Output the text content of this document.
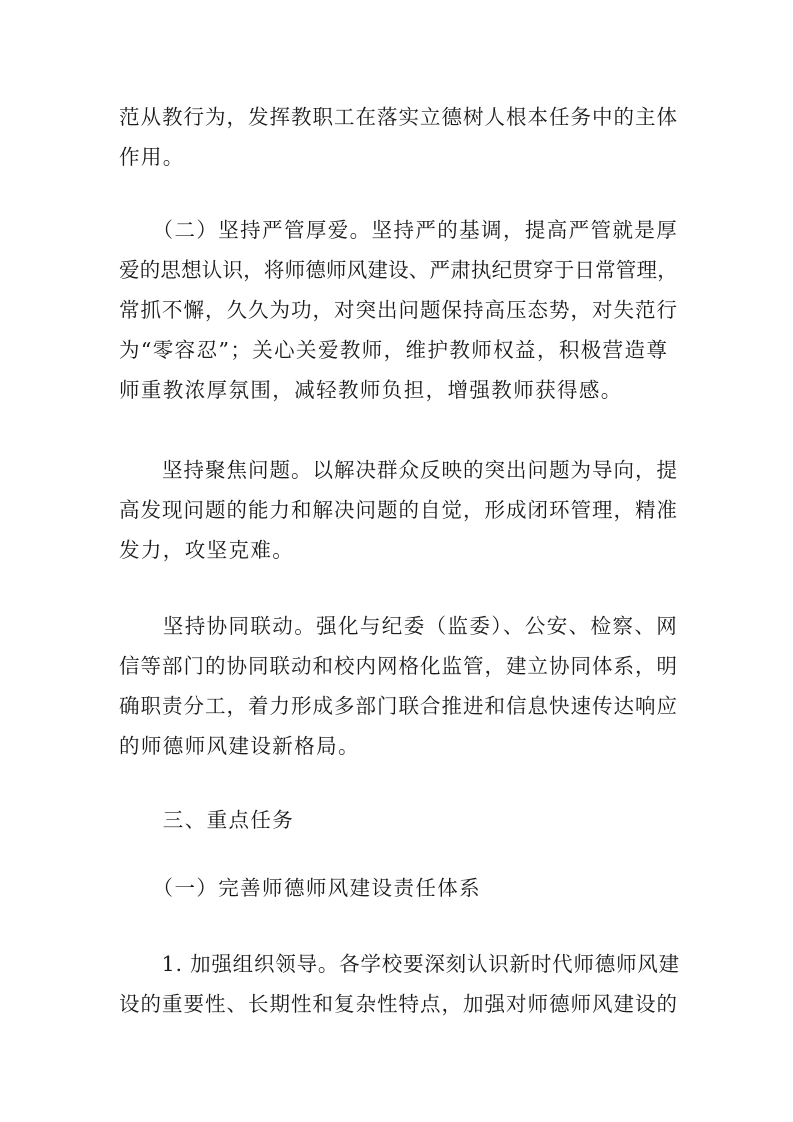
范从教行为，发挥教职工在落实立德树人根本任务中的主体
作用。
　　（二）坚持严管厚爱。坚持严的基调，提高严管就是厚
爱的思想认识，将师德师风建设、严肃执纪贯穿于日常管理，
常抓不懈，久久为功，对突出问题保持高压态势，对失范行
为“零容忍”；关心关爱教师，维护教师权益，积极营造尊
师重教浓厚氛围，减轻教师负担，增强教师获得感。
　　坚持聚焦问题。以解决群众反映的突出问题为导向，提
高发现问题的能力和解决问题的自觉，形成闭环管理，精准
发力，攻坚克难。
　　坚持协同联动。强化与纪委（监委）、公安、检察、网
信等部门的协同联动和校内网格化监管，建立协同体系，明
确职责分工，着力形成多部门联合推进和信息快速传达响应
的师德师风建设新格局。
　　三、重点任务
　　（一）完善师德师风建设责任体系
　　1. 加强组织领导。各学校要深刻认识新时代师德师风建
设的重要性、长期性和复杂性特点，加强对师德师风建设的
